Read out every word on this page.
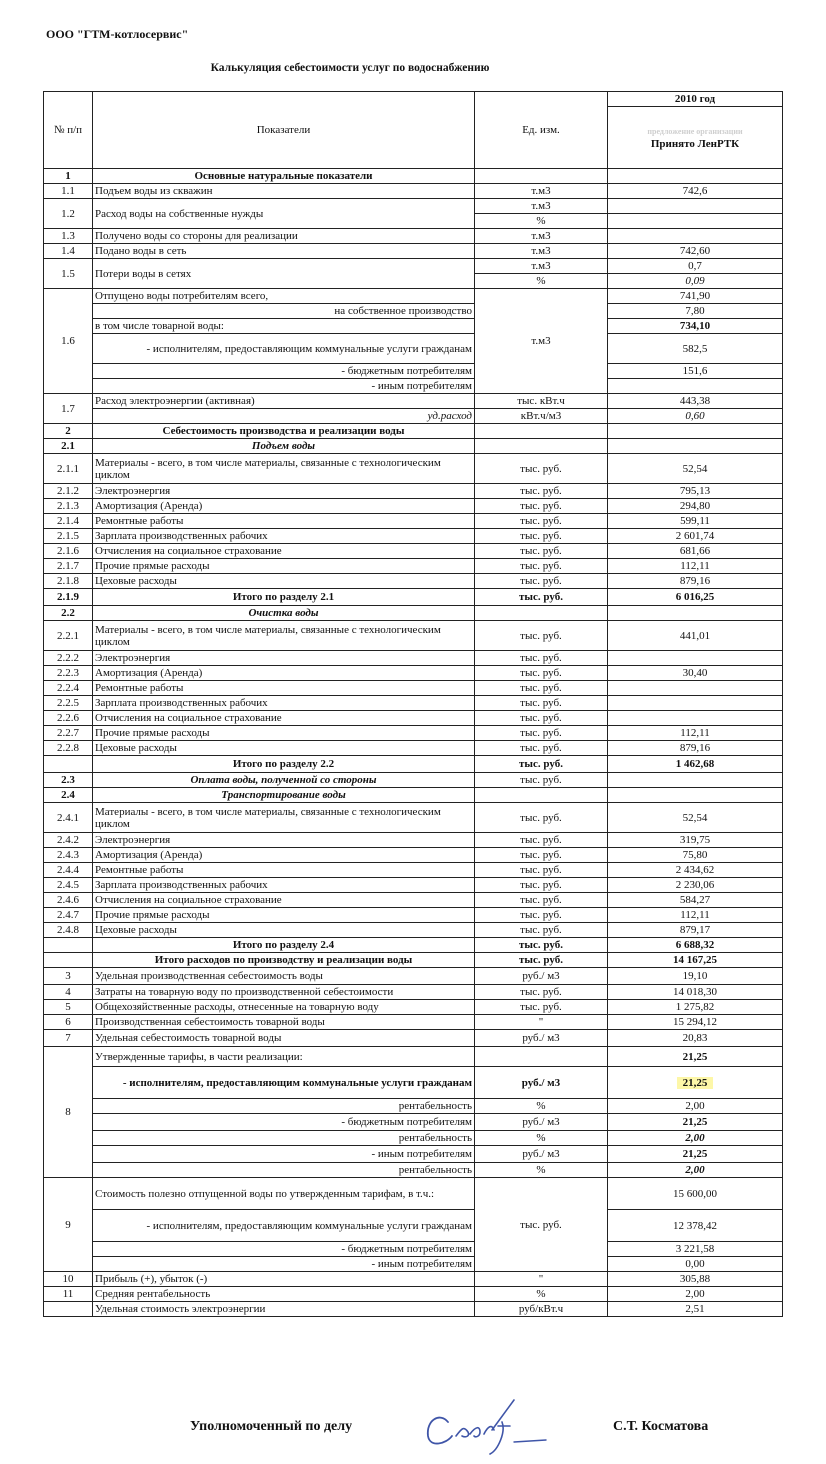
ООО "ГТМ-котлосервис"
Калькуляция себестоимости услуг по водоснабжению
№ п/п	Показатели	Ед. изм.	2010 год

			предложение организации
Принято ЛенРТК
1	Основные натуральные показатели		
1.1	Подъем воды из скважин	т.м3	742,6
1.2	Расход воды на собственные нужды	т.м3	
		%	
1.3	Получено воды со стороны для реализации	т.м3	
1.4	Подано воды в сеть	т.м3	742,60
1.5	Потери воды в сетях	т.м3	0,7
		%	0,09
1.6	Отпущено воды потребителям всего,	т.м3	741,90
	на собственное производство		7,80
	в том числе товарной воды:		734,10
	- исполнителям, предоставляющим коммунальные услуги гражданам		582,5
	- бюджетным потребителям		151,6
	- иным потребителям		
1.7	Расход электроэнергии (активная)	тыс. кВт.ч	443,38
	уд.расход	кВт.ч/м3	0,60
2	Себестоимость производства и реализации воды		
2.1	Подъем воды		
2.1.1	Материалы - всего, в том числе материалы, связанные с технологическим циклом	тыс. руб.	52,54
2.1.2	Электроэнергия	тыс. руб.	795,13
2.1.3	Амортизация (Аренда)	тыс. руб.	294,80
2.1.4	Ремонтные работы	тыс. руб.	599,11
2.1.5	Зарплата производственных рабочих	тыс. руб.	2 601,74
2.1.6	Отчисления на социальное страхование	тыс. руб.	681,66
2.1.7	Прочие прямые расходы	тыс. руб.	112,11
2.1.8	Цеховые расходы	тыс. руб.	879,16
2.1.9	Итого по разделу 2.1	тыс. руб.	6 016,25
2.2	Очистка воды		
2.2.1	Материалы - всего, в том числе материалы, связанные с технологическим циклом	тыс. руб.	441,01
2.2.2	Электроэнергия	тыс. руб.	
2.2.3	Амортизация (Аренда)	тыс. руб.	30,40
2.2.4	Ремонтные работы	тыс. руб.	
2.2.5	Зарплата производственных рабочих	тыс. руб.	
2.2.6	Отчисления на социальное страхование	тыс. руб.	
2.2.7	Прочие прямые расходы	тыс. руб.	112,11
2.2.8	Цеховые расходы	тыс. руб.	879,16
	Итого по разделу 2.2	тыс. руб.	1 462,68
2.3	Оплата воды, полученной со стороны	тыс. руб.	
2.4	Транспортирование воды		
2.4.1	Материалы - всего, в том числе материалы, связанные с технологическим циклом	тыс. руб.	52,54
2.4.2	Электроэнергия	тыс. руб.	319,75
2.4.3	Амортизация (Аренда)	тыс. руб.	75,80
2.4.4	Ремонтные работы	тыс. руб.	2 434,62
2.4.5	Зарплата производственных рабочих	тыс. руб.	2 230,06
2.4.6	Отчисления на социальное страхование	тыс. руб.	584,27
2.4.7	Прочие прямые расходы	тыс. руб.	112,11
2.4.8	Цеховые расходы	тыс. руб.	879,17
	Итого по разделу 2.4	тыс. руб.	6 688,32
	Итого расходов по производству и реализации воды	тыс. руб.	14 167,25
3	Удельная производственная себестоимость воды	руб./ м3	19,10
4	Затраты на товарную воду по производственной себестоимости	тыс. руб.	14 018,30
5	Общехозяйственные расходы, отнесенные на товарную воду	тыс. руб.	1 275,82
6	Производственная себестоимость товарной воды	"	15 294,12
7	Удельная себестоимость товарной воды	руб./ м3	20,83
8	Утвержденные тарифы, в части реализации:		21,25
	- исполнителям, предоставляющим коммунальные услуги гражданам	руб./ м3	21,25
	рентабельность	%	2,00
	- бюджетным потребителям	руб./ м3	21,25
	рентабельность	%	2,00
	- иным потребителям	руб./ м3	21,25
	рентабельность	%	2,00
9	Стоимость полезно отпущенной воды по утвержденным тарифам, в т.ч.:	тыс. руб.	15 600,00
	- исполнителям, предоставляющим коммунальные услуги гражданам		12 378,42
	- бюджетным потребителям		3 221,58
	- иным потребителям		0,00
10	Прибыль (+), убыток (-)	"	305,88
11	Средняя рентабельность	%	2,00
	Удельная стоимость электроэнергии	руб/кВт.ч	2,51
Уполномоченный по делу	С.Т. Косматова
